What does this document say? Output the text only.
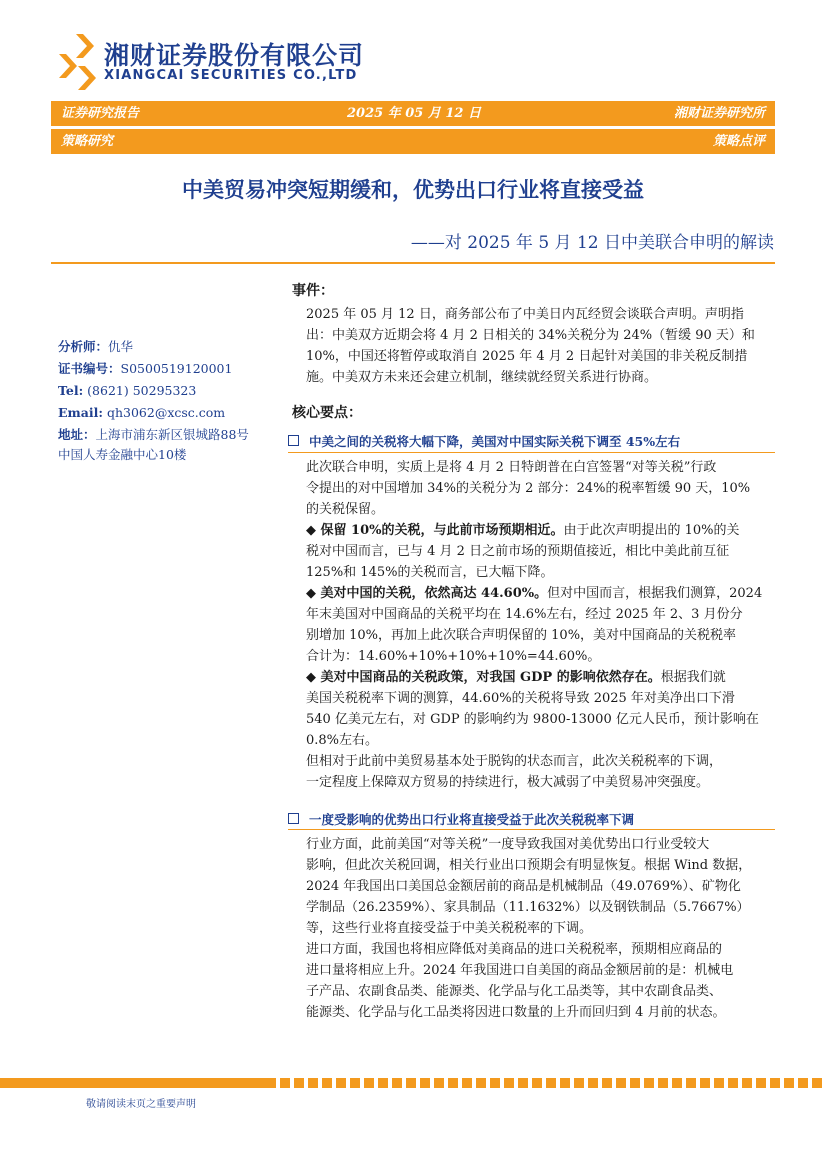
湘财证券股份有限公司
XIANGCAI SECURITIES CO.,LTD
证券研究报告	2025 年 05 月 12 日	湘财证券研究所
策略研究	策略点评
中美贸易冲突短期缓和，优势出口行业将直接受益
——对 2025 年 5 月 12 日中美联合申明的解读
分析师：仇华
证书编号：S0500519120001
Tel: (8621) 50295323
Email: qh3062@xcsc.com
地址：上海市浦东新区银城路88号
中国人寿金融中心10楼
事件：
2025 年 05 月 12 日，商务部公布了中美日内瓦经贸会谈联合声明。声明指
出：中美双方近期会将 4 月 2 日相关的 34%关税分为 24%（暂缓 90 天）和
10%，中国还将暂停或取消自 2025 年 4 月 2 日起针对美国的非关税反制措
施。中美双方未来还会建立机制，继续就经贸关系进行协商。
核心要点：
中美之间的关税将大幅下降，美国对中国实际关税下调至 45%左右
此次联合申明，实质上是将 4 月 2 日特朗普在白宫签署“对等关税”行政
令提出的对中国增加 34%的关税分为 2 部分：24%的税率暂缓 90 天，10%
的关税保留。
◆ 保留 10%的关税，与此前市场预期相近。由于此次声明提出的 10%的关
税对中国而言，已与 4 月 2 日之前市场的预期值接近，相比中美此前互征
125%和 145%的关税而言，已大幅下降。
◆ 美对中国的关税，依然高达 44.60%。但对中国而言，根据我们测算，2024
年末美国对中国商品的关税平均在 14.6%左右，经过 2025 年 2、3 月份分
别增加 10%，再加上此次联合声明保留的 10%，美对中国商品的关税税率
合计为：14.60%+10%+10%+10%=44.60%。
◆ 美对中国商品的关税政策，对我国 GDP 的影响依然存在。根据我们就
美国关税税率下调的测算，44.60%的关税将导致 2025 年对美净出口下滑
540 亿美元左右，对 GDP 的影响约为 9800-13000 亿元人民币，预计影响在
0.8%左右。
但相对于此前中美贸易基本处于脱钩的状态而言，此次关税税率的下调，
一定程度上保障双方贸易的持续进行，极大减弱了中美贸易冲突强度。
一度受影响的优势出口行业将直接受益于此次关税税率下调
行业方面，此前美国“对等关税”一度导致我国对美优势出口行业受较大
影响，但此次关税回调，相关行业出口预期会有明显恢复。根据 Wind 数据，
2024 年我国出口美国总金额居前的商品是机械制品（49.0769%）、矿物化
学制品（26.2359%）、家具制品（11.1632%）以及钢铁制品（5.7667%）
等，这些行业将直接受益于中美关税税率的下调。
进口方面，我国也将相应降低对美商品的进口关税税率，预期相应商品的
进口量将相应上升。2024 年我国进口自美国的商品金额居前的是：机械电
子产品、农副食品类、能源类、化学品与化工品类等，其中农副食品类、
能源类、化学品与化工品类将因进口数量的上升而回归到 4 月前的状态。
敬请阅读末页之重要声明
